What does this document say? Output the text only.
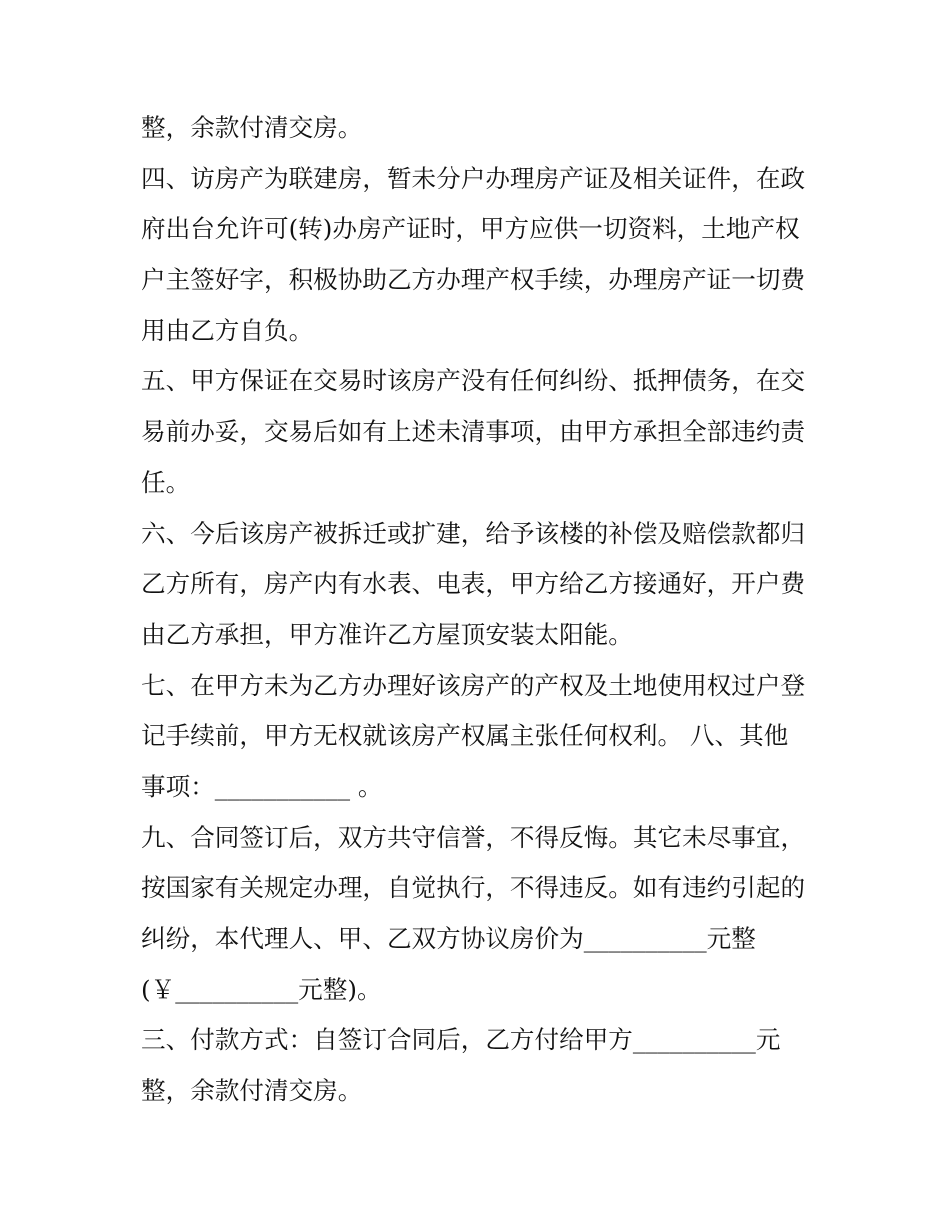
整，余款付清交房。
四、访房产为联建房，暂未分户办理房产证及相关证件，在政
府出台允许可(转)办房产证时，甲方应供一切资料，土地产权
户主签好字，积极协助乙方办理产权手续，办理房产证一切费
用由乙方自负。
五、甲方保证在交易时该房产没有任何纠纷、抵押债务，在交
易前办妥，交易后如有上述未清事项，由甲方承担全部违约责
任。
六、今后该房产被拆迁或扩建，给予该楼的补偿及赔偿款都归
乙方所有，房产内有水表、电表，甲方给乙方接通好，开户费
由乙方承担，甲方准许乙方屋顶安装太阳能。
七、在甲方未为乙方办理好该房产的产权及土地使用权过户登
记手续前，甲方无权就该房产权属主张任何权利。 八、其他
事项：___________ 。
九、合同签订后，双方共守信誉，不得反悔。其它未尽事宜，
按国家有关规定办理，自觉执行，不得违反。如有违约引起的
纠纷，本代理人、甲、乙双方协议房价为__________元整
(￥__________元整)。
三、付款方式：自签订合同后，乙方付给甲方__________元
整，余款付清交房。
